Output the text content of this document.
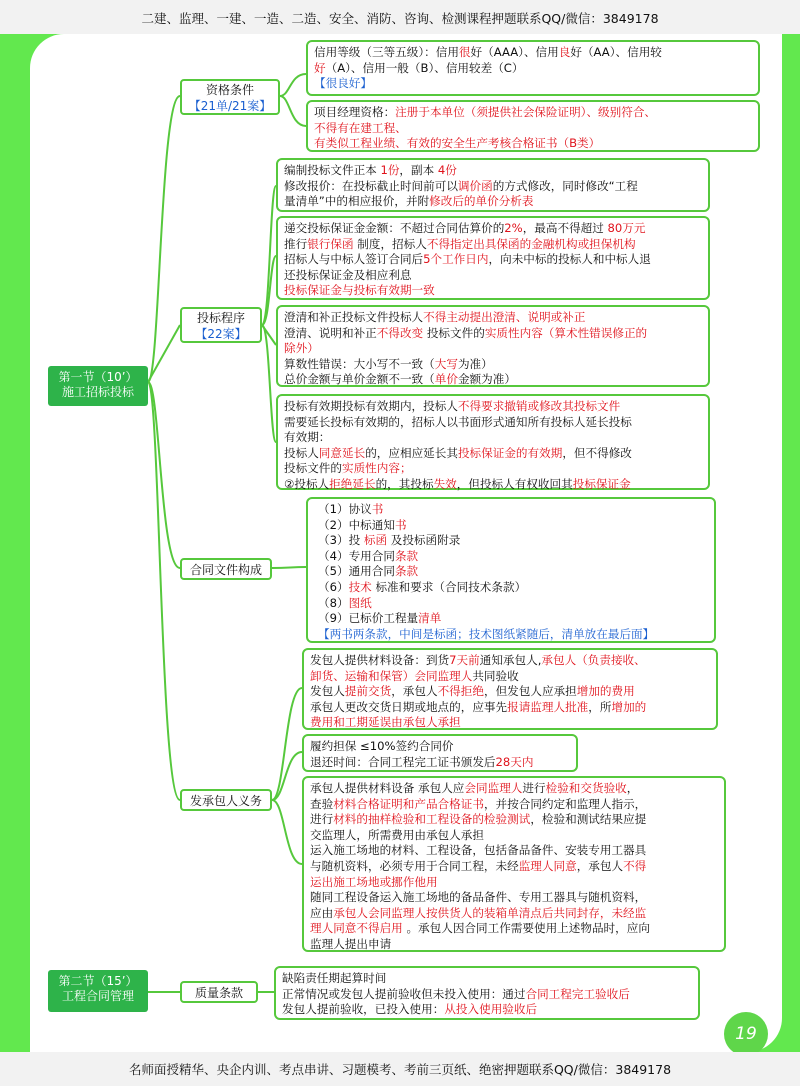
二建、监理、一建、一造、二造、安全、消防、咨询、检测课程押题联系QQ/微信：3849178
第一节（10’）
施工招标投标
第二节（15’）
工程合同管理
资格条件
【21单/21案】
投标程序
【22案】
合同文件构成
发承包人义务
质量条款
信用等级（三等五级）：信用很好（AAA）、信用良好（AA）、信用较
好（A）、信用一般（B）、信用较差（C）
【很良好】
项目经理资格：注册于本单位（须提供社会保险证明）、级别符合、
不得有在建工程、
有类似工程业绩、有效的安全生产考核合格证书（B类）
编制投标文件正本 1份，副本 4份
修改报价：在投标截止时间前可以调价函的方式修改，同时修改“工程
量清单”中的相应报价，并附修改后的单价分析表
递交投标保证金金额：不超过合同估算价的2%，最高不得超过 80万元
推行银行保函 制度，招标人不得指定出具保函的金融机构或担保机构
招标人与中标人签订合同后5个工作日内，向未中标的投标人和中标人退
还投标保证金及相应利息
投标保证金与投标有效期一致
澄清和补正投标文件投标人不得主动提出澄清、说明或补正
澄清、说明和补正不得改变 投标文件的实质性内容（算术性错误修正的
除外）
算数性错误：大小写不一致（大写为准）
总价金额与单价金额不一致（单价金额为准）
投标有效期投标有效期内，投标人不得要求撤销或修改其投标文件
需要延长投标有效期的，招标人以书面形式通知所有投标人延长投标
有效期：
投标人同意延长的，应相应延长其投标保证金的有效期，但不得修改
投标文件的实质性内容；
②投标人拒绝延长的，其投标失效，但投标人有权收回其投标保证金
（1）协议书
（2）中标通知书
（3）投 标函 及投标函附录
（4）专用合同条款
（5）通用合同条款
（6）技术 标准和要求（合同技术条款）
（8）图纸
（9）已标价工程量清单
【两书两条款，中间是标函；技术图纸紧随后，清单放在最后面】
发包人提供材料设备：到货7天前通知承包人,承包人（负责接收、
卸货、运输和保管）会同监理人共同验收
发包人提前交货，承包人不得拒绝，但发包人应承担增加的费用
承包人更改交货日期或地点的，应事先报请监理人批准，所增加的
费用和工期延误由承包人承担
履约担保 ≤10%签约合同价
退还时间：合同工程完工证书颁发后28天内
承包人提供材料设备 承包人应会同监理人进行检验和交货验收，
查验材料合格证明和产品合格证书，并按合同约定和监理人指示，
进行材料的抽样检验和工程设备的检验测试，检验和测试结果应提
交监理人，所需费用由承包人承担
运入施工场地的材料、工程设备，包括备品备件、安装专用工器具
与随机资料，必须专用于合同工程，未经监理人同意，承包人不得
运出施工场地或挪作他用
随同工程设备运入施工场地的备品备件、专用工器具与随机资料，
应由承包人会同监理人按供货人的装箱单清点后共同封存，未经监
理人同意不得启用 。承包人因合同工作需要使用上述物品时，应向
监理人提出申请
缺陷责任期起算时间
正常情况或发包人提前验收但未投入使用：通过合同工程完工验收后
发包人提前验收，已投入使用：从投入使用验收后
19
名师面授精华、央企内训、考点串讲、习题模考、考前三页纸、绝密押题联系QQ/微信：3849178
